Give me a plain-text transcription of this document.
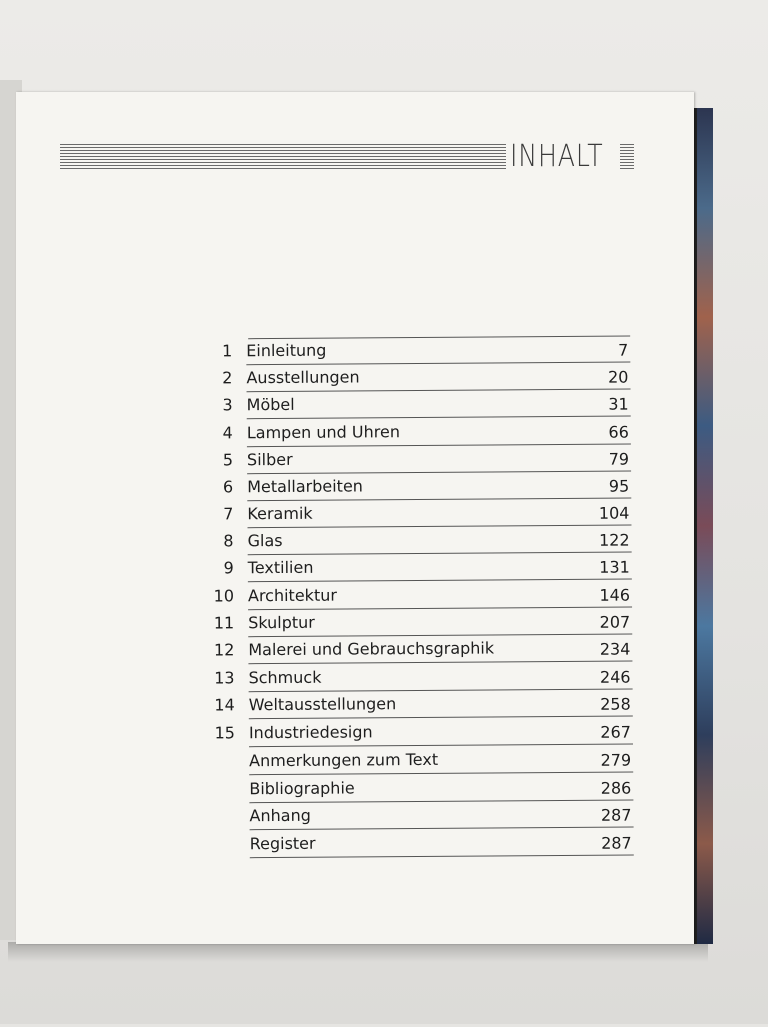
INHALT
1 Einleitung	7
2 Ausstellungen	20
3 Möbel	31
4 Lampen und Uhren	66
5 Silber	79
6 Metallarbeiten	95
7 Keramik	104
8 Glas	122
9 Textilien	131
10 Architektur	146
11 Skulptur	207
12 Malerei und Gebrauchsgraphik	234
13 Schmuck	246
14 Weltausstellungen	258
15 Industriedesign	267
Anmerkungen zum Text	279
Bibliographie	286
Anhang	287
Register	287
